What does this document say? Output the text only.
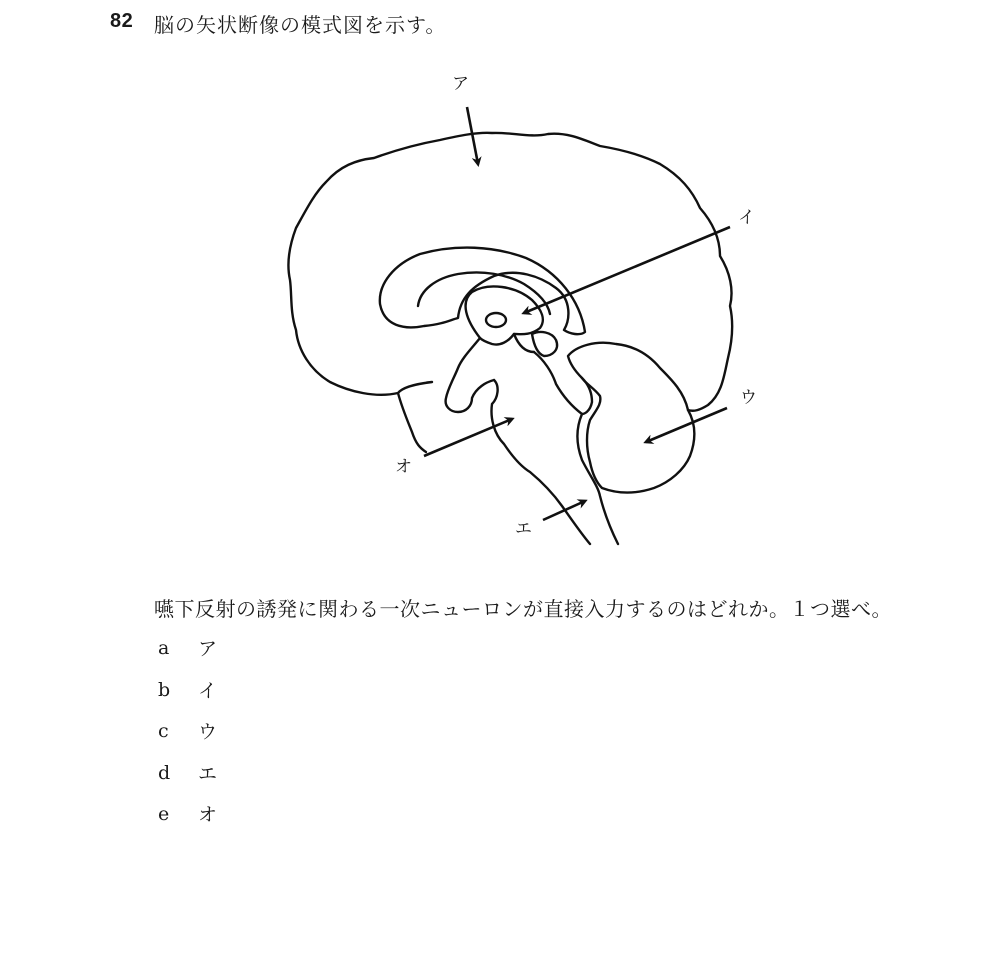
82 脳の矢状断像の模式図を示す。
ア
イ
ウ
エ
オ
嚥下反射の誘発に関わる一次ニューロンが直接入力するのはどれか。１つ選べ。
a	ア
b	イ
c	ウ
d	エ
e	オ
